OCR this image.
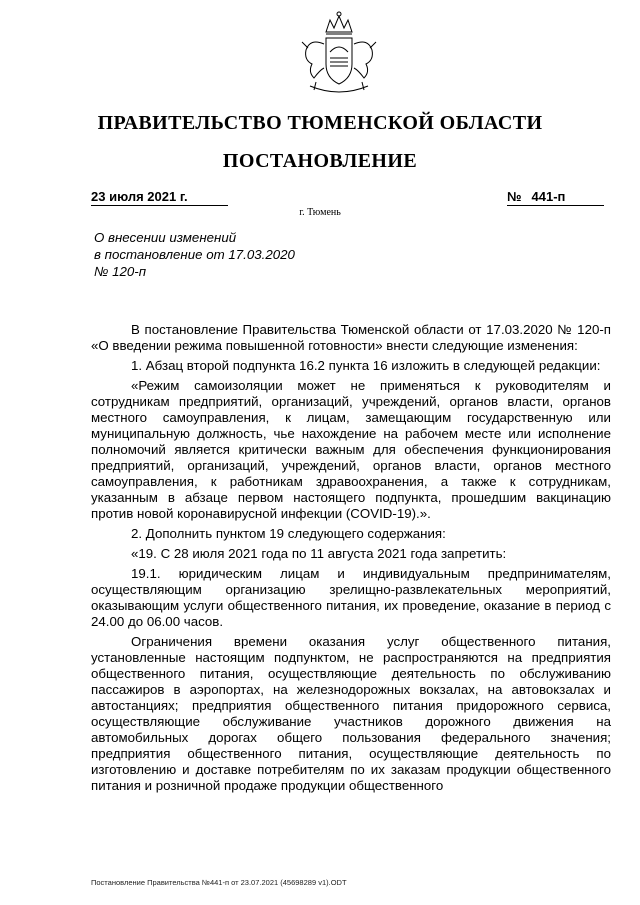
ПРАВИТЕЛЬСТВО ТЮМЕНСКОЙ ОБЛАСТИ
ПОСТАНОВЛЕНИЕ
23 июля 2021 г.	№ 441-п
г. Тюмень
О внесении изменений
в постановление от 17.03.2020
№ 120-п

В постановление Правительства Тюменской области от 17.03.2020 № 120-п «О введении режима повышенной готовности» внести следующие изменения:

1. Абзац второй подпункта 16.2 пункта 16 изложить в следующей редакции:

«Режим самоизоляции может не применяться к руководителям и сотрудникам предприятий, организаций, учреждений, органов власти, органов местного самоуправления, к лицам, замещающим государственную или муниципальную должность, чье нахождение на рабочем месте или исполнение полномочий является критически важным для обеспечения функционирования предприятий, организаций, учреждений, органов власти, органов местного самоуправления, к работникам здравоохранения, а также к сотрудникам, указанным в абзаце первом настоящего подпункта, прошедшим вакцинацию против новой коронавирусной инфекции (COVID-19).».

2. Дополнить пунктом 19 следующего содержания:

«19. С 28 июля 2021 года по 11 августа 2021 года запретить:

19.1. юридическим лицам и индивидуальным предпринимателям, осуществляющим организацию зрелищно-развлекательных мероприятий, оказывающим услуги общественного питания, их проведение, оказание в период с 24.00 до 06.00 часов.

Ограничения времени оказания услуг общественного питания, установленные настоящим подпунктом, не распространяются на предприятия общественного питания, осуществляющие деятельность по обслуживанию пассажиров в аэропортах, на железнодорожных вокзалах, на автовокзалах и автостанциях; предприятия общественного питания придорожного сервиса, осуществляющие обслуживание участников дорожного движения на автомобильных дорогах общего пользования федерального значения; предприятия общественного питания, осуществляющие деятельность по изготовлению и доставке потребителям по их заказам продукции общественного питания и розничной продаже продукции общественного

Постановление Правительства №441-п от 23.07.2021 (45698289 v1).ODT
